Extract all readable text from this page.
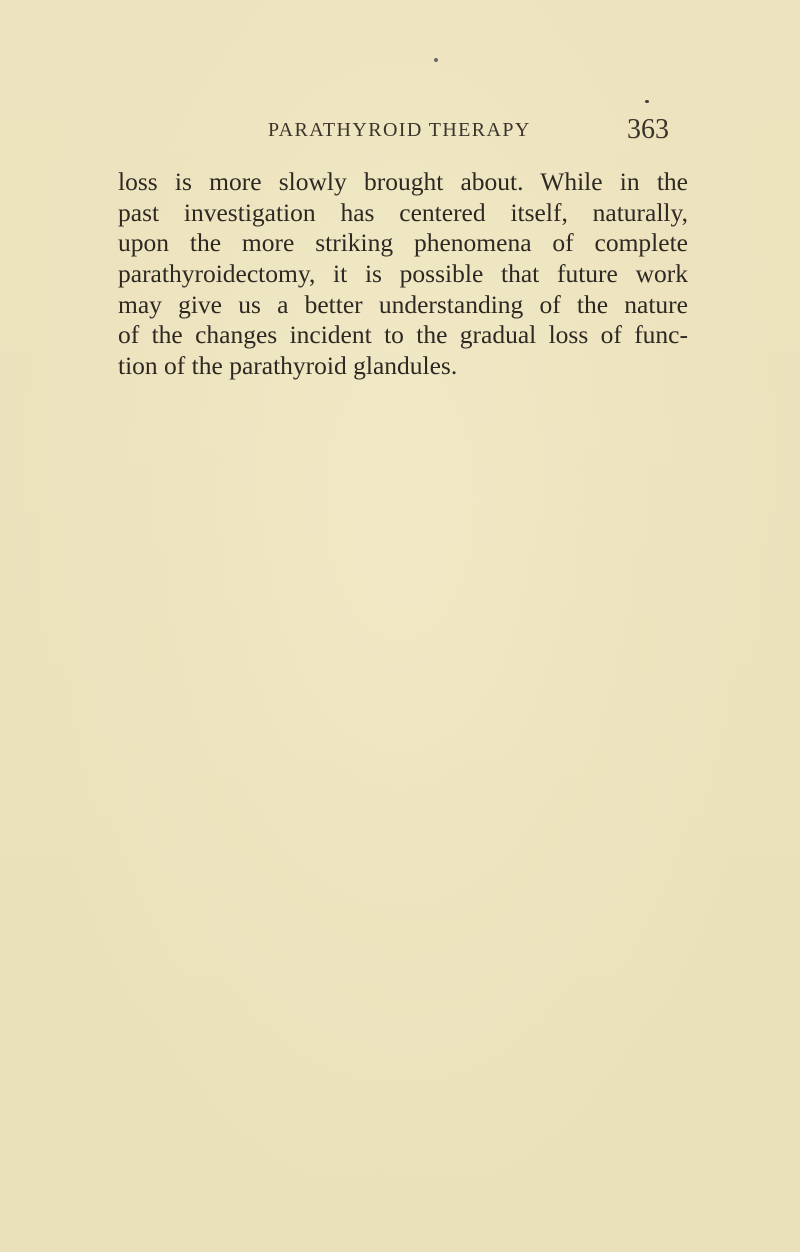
PARATHYROID THERAPY	363
loss is more slowly brought about. While in the
past investigation has centered itself, naturally,
upon the more striking phenomena of complete
parathyroidectomy, it is possible that future work
may give us a better understanding of the nature
of the changes incident to the gradual loss of func-
tion of the parathyroid glandules.
